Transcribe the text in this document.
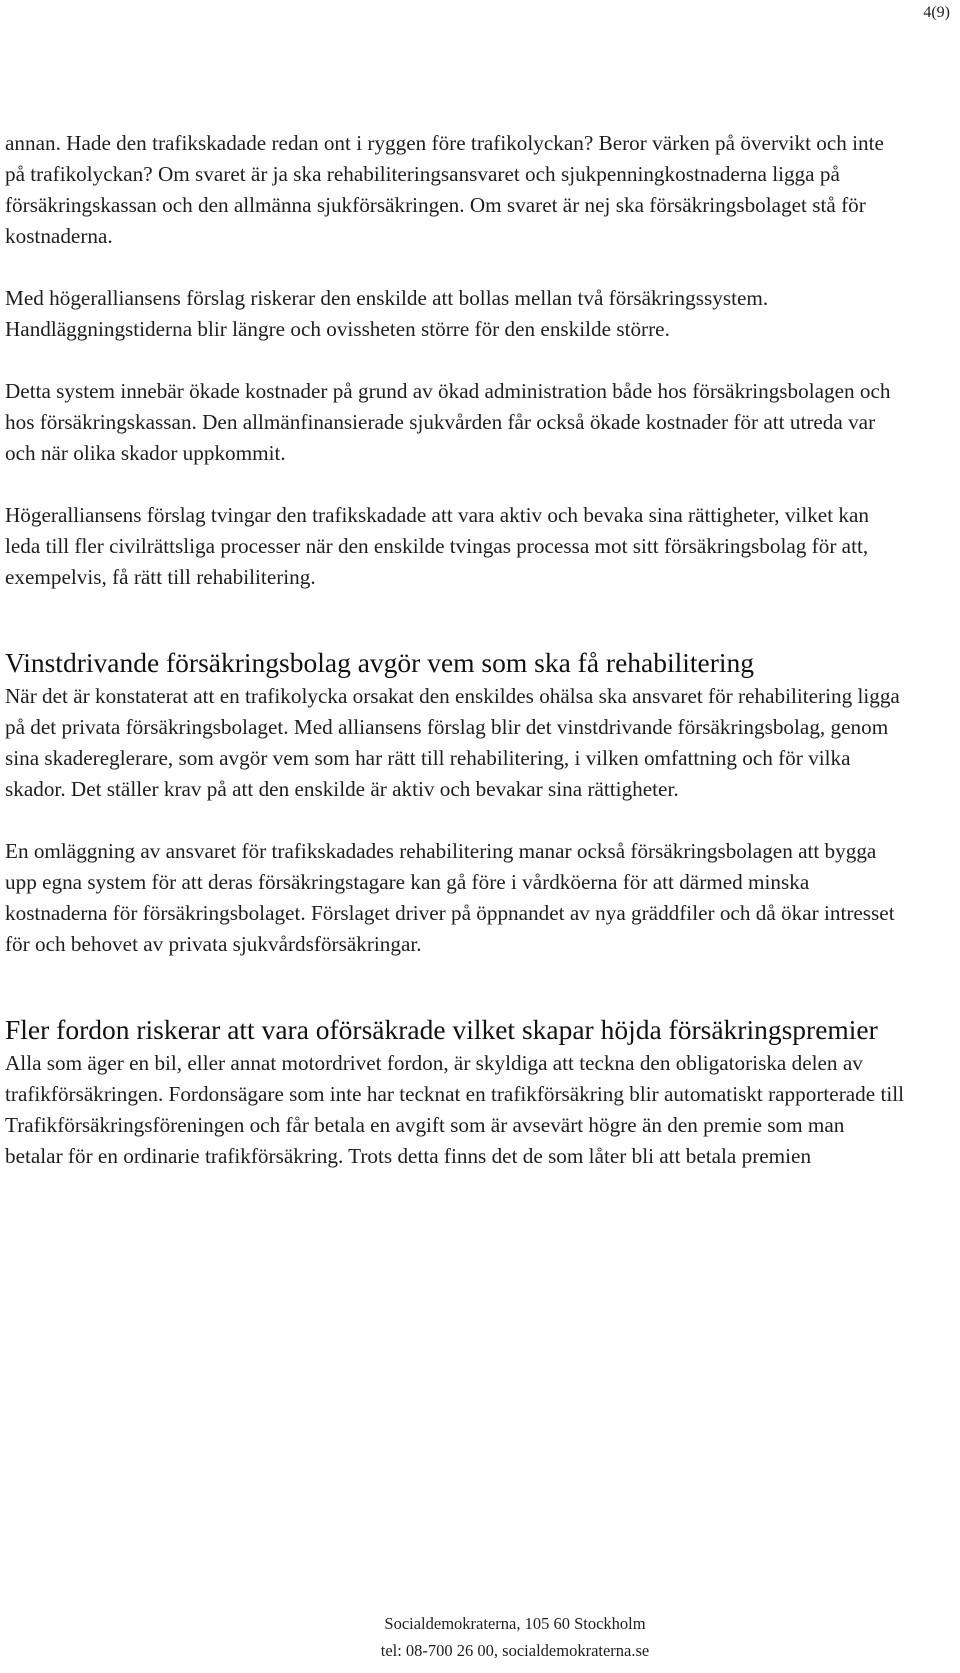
4(9)

annan. Hade den trafikskadade redan ont i ryggen före trafikolyckan? Beror värken på övervikt och inte på trafikolyckan? Om svaret är ja ska rehabiliteringsansvaret och sjukpenningkostnaderna ligga på försäkringskassan och den allmänna sjukförsäkringen. Om svaret är nej ska försäkringsbolaget stå för kostnaderna.

Med högeralliansens förslag riskerar den enskilde att bollas mellan två försäkringssystem. Handläggningstiderna blir längre och ovissheten större för den enskilde större.

Detta system innebär ökade kostnader på grund av ökad administration både hos försäkringsbolagen och hos försäkringskassan. Den allmänfinansierade sjukvården får också ökade kostnader för att utreda var och när olika skador uppkommit.

Högeralliansens förslag tvingar den trafikskadade att vara aktiv och bevaka sina rättigheter, vilket kan leda till fler civilrättsliga processer när den enskilde tvingas processa mot sitt försäkringsbolag för att, exempelvis, få rätt till rehabilitering.

Vinstdrivande försäkringsbolag avgör vem som ska få rehabilitering

När det är konstaterat att en trafikolycka orsakat den enskildes ohälsa ska ansvaret för rehabilitering ligga på det privata försäkringsbolaget. Med alliansens förslag blir det vinstdrivande försäkringsbolag, genom sina skadereglerare, som avgör vem som har rätt till rehabilitering, i vilken omfattning och för vilka skador. Det ställer krav på att den enskilde är aktiv och bevakar sina rättigheter.

En omläggning av ansvaret för trafikskadades rehabilitering manar också försäkringsbolagen att bygga upp egna system för att deras försäkringstagare kan gå före i vårdköerna för att därmed minska kostnaderna för försäkringsbolaget. Förslaget driver på öppnandet av nya gräddfiler och då ökar intresset för och behovet av privata sjukvårdsförsäkringar.

Fler fordon riskerar att vara oförsäkrade vilket skapar höjda försäkringspremier

Alla som äger en bil, eller annat motordrivet fordon, är skyldiga att teckna den obligatoriska delen av trafikförsäkringen. Fordonsägare som inte har tecknat en trafikförsäkring blir automatiskt rapporterade till Trafikförsäkringsföreningen och får betala en avgift som är avsevärt högre än den premie som man betalar för en ordinarie trafikförsäkring. Trots detta finns det de som låter bli att betala premien

Socialdemokraterna, 105 60 Stockholm
tel: 08-700 26 00, socialdemokraterna.se
